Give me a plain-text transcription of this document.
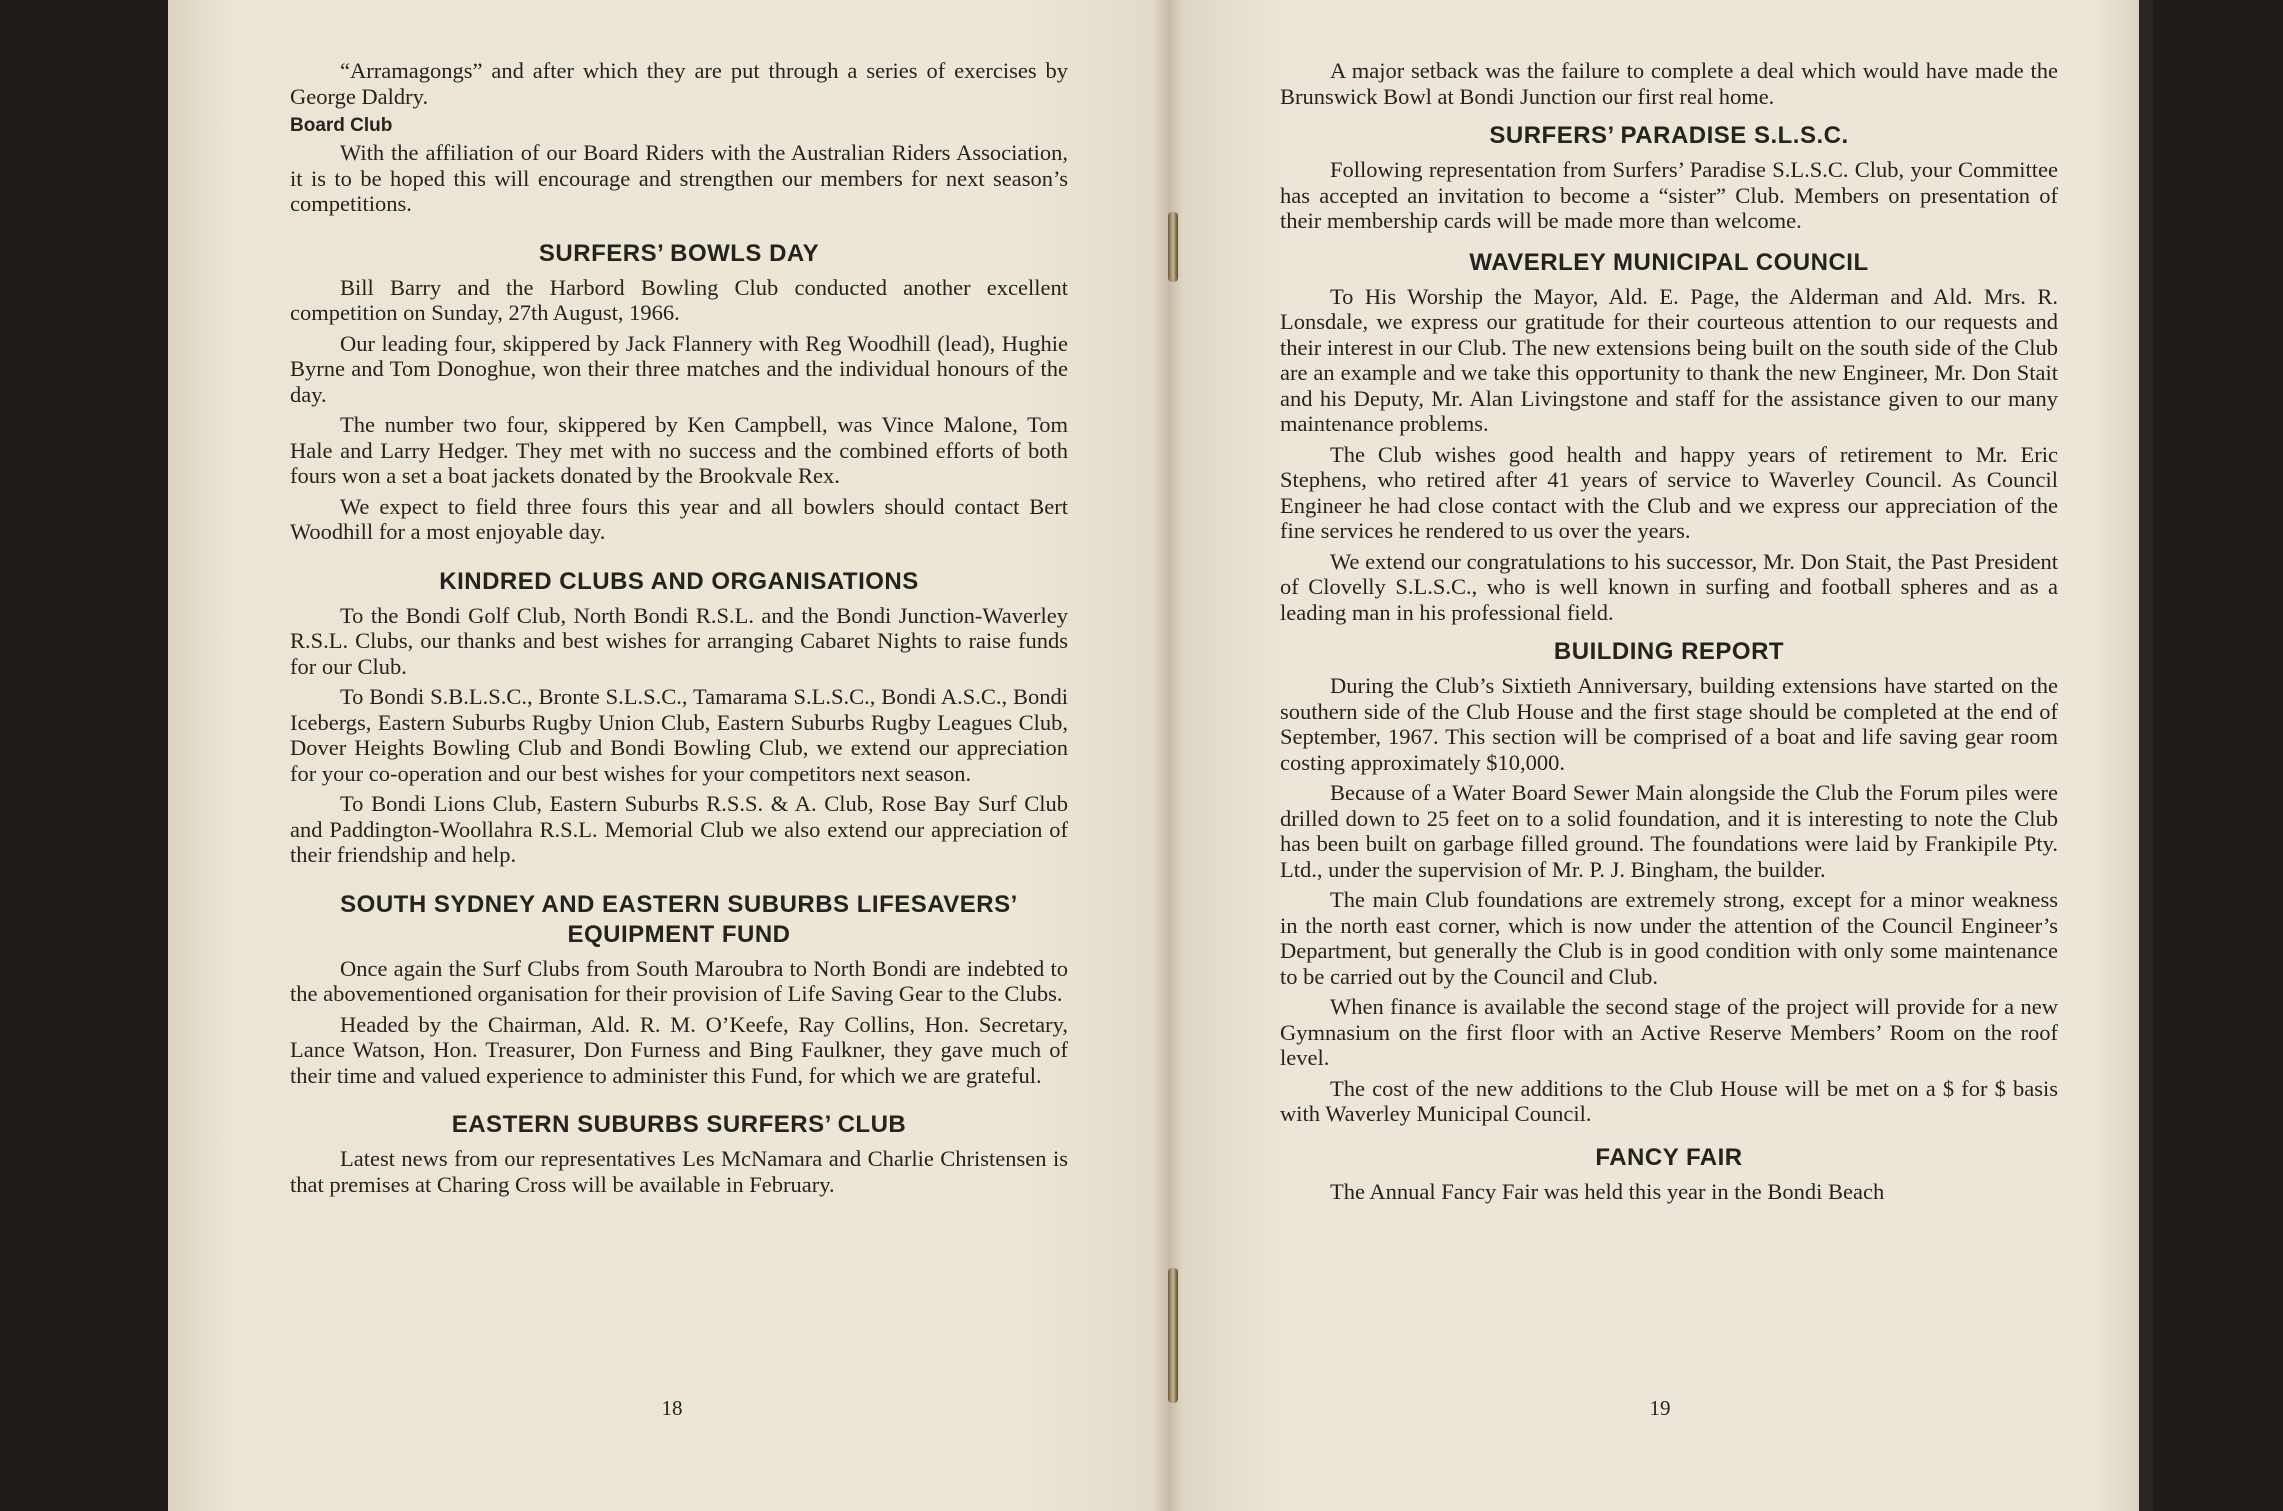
“Arramagongs” and after which they are put through a series of exercises by George Daldry.

Board Club

With the affiliation of our Board Riders with the Australian Riders Association, it is to be hoped this will encourage and strengthen our members for next season’s competitions.

SURFERS’ BOWLS DAY

Bill Barry and the Harbord Bowling Club conducted another excellent competition on Sunday, 27th August, 1966.

Our leading four, skippered by Jack Flannery with Reg Woodhill (lead), Hughie Byrne and Tom Donoghue, won their three matches and the individual honours of the day.

The number two four, skippered by Ken Campbell, was Vince Malone, Tom Hale and Larry Hedger. They met with no success and the combined efforts of both fours won a set a boat jackets donated by the Brookvale Rex.

We expect to field three fours this year and all bowlers should contact Bert Woodhill for a most enjoyable day.

KINDRED CLUBS AND ORGANISATIONS

To the Bondi Golf Club, North Bondi R.S.L. and the Bondi Junction-Waverley R.S.L. Clubs, our thanks and best wishes for arranging Cabaret Nights to raise funds for our Club.

To Bondi S.B.L.S.C., Bronte S.L.S.C., Tamarama S.L.S.C., Bondi A.S.C., Bondi Icebergs, Eastern Suburbs Rugby Union Club, Eastern Suburbs Rugby Leagues Club, Dover Heights Bowling Club and Bondi Bowling Club, we extend our appreciation for your co-operation and our best wishes for your competitors next season.

To Bondi Lions Club, Eastern Suburbs R.S.S. & A. Club, Rose Bay Surf Club and Paddington-Woollahra R.S.L. Memorial Club we also extend our appreciation of their friendship and help.

SOUTH SYDNEY AND EASTERN SUBURBS LIFESAVERS’ EQUIPMENT FUND

Once again the Surf Clubs from South Maroubra to North Bondi are indebted to the abovementioned organisation for their provision of Life Saving Gear to the Clubs.

Headed by the Chairman, Ald. R. M. O’Keefe, Ray Collins, Hon. Secretary, Lance Watson, Hon. Treasurer, Don Furness and Bing Faulkner, they gave much of their time and valued experience to administer this Fund, for which we are grateful.

EASTERN SUBURBS SURFERS’ CLUB

Latest news from our representatives Les McNamara and Charlie Christensen is that premises at Charing Cross will be available in February.

18

A major setback was the failure to complete a deal which would have made the Brunswick Bowl at Bondi Junction our first real home.

SURFERS’ PARADISE S.L.S.C.

Following representation from Surfers’ Paradise S.L.S.C. Club, your Committee has accepted an invitation to become a “sister” Club. Members on presentation of their membership cards will be made more than welcome.

WAVERLEY MUNICIPAL COUNCIL

To His Worship the Mayor, Ald. E. Page, the Alderman and Ald. Mrs. R. Lonsdale, we express our gratitude for their courteous attention to our requests and their interest in our Club. The new extensions being built on the south side of the Club are an example and we take this opportunity to thank the new Engineer, Mr. Don Stait and his Deputy, Mr. Alan Livingstone and staff for the assistance given to our many maintenance problems.

The Club wishes good health and happy years of retirement to Mr. Eric Stephens, who retired after 41 years of service to Waverley Council. As Council Engineer he had close contact with the Club and we express our appreciation of the fine services he rendered to us over the years.

We extend our congratulations to his successor, Mr. Don Stait, the Past President of Clovelly S.L.S.C., who is well known in surfing and football spheres and as a leading man in his professional field.

BUILDING REPORT

During the Club’s Sixtieth Anniversary, building extensions have started on the southern side of the Club House and the first stage should be completed at the end of September, 1967. This section will be comprised of a boat and life saving gear room costing approximately $10,000.

Because of a Water Board Sewer Main alongside the Club the Forum piles were drilled down to 25 feet on to a solid foundation, and it is interesting to note the Club has been built on garbage filled ground. The foundations were laid by Frankipile Pty. Ltd., under the supervision of Mr. P. J. Bingham, the builder.

The main Club foundations are extremely strong, except for a minor weakness in the north east corner, which is now under the attention of the Council Engineer’s Department, but generally the Club is in good condition with only some maintenance to be carried out by the Council and Club.

When finance is available the second stage of the project will provide for a new Gymnasium on the first floor with an Active Reserve Members’ Room on the roof level.

The cost of the new additions to the Club House will be met on a $ for $ basis with Waverley Municipal Council.

FANCY FAIR

The Annual Fancy Fair was held this year in the Bondi Beach

19
